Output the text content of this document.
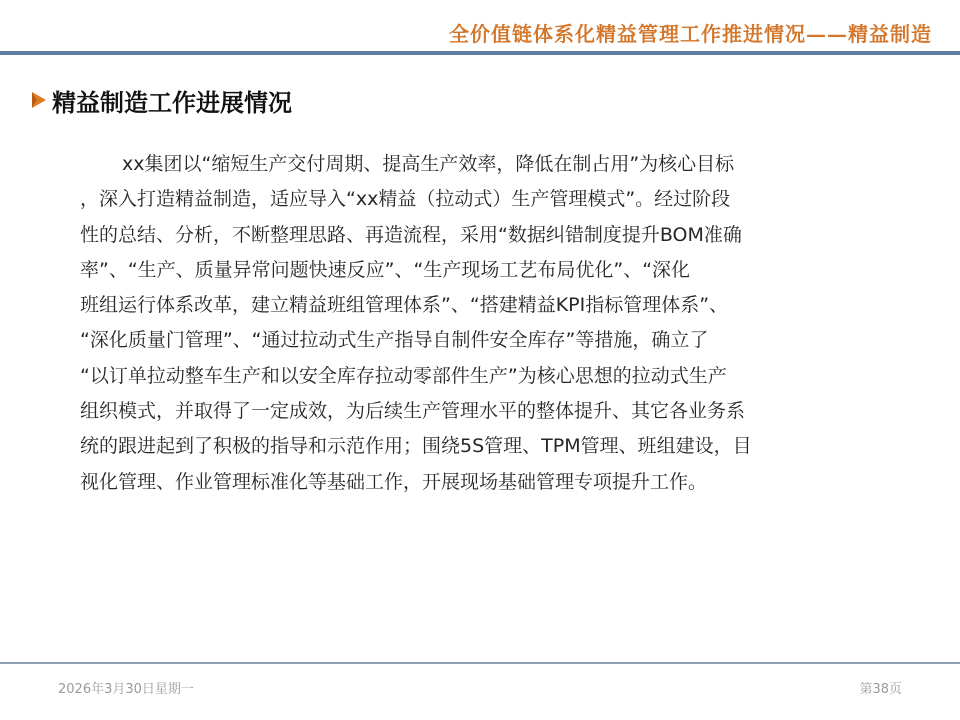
全价值链体系化精益管理工作推进情况——精益制造
精益制造工作进展情况

xx集团以“缩短生产交付周期、提高生产效率，降低在制占用”为核心目标
，深入打造精益制造，适应导入“xx精益（拉动式）生产管理模式”。经过阶段
性的总结、分析，不断整理思路、再造流程，采用“数据纠错制度提升BOM准确
率”、“生产、质量异常问题快速反应”、“生产现场工艺布局优化”、“深化
班组运行体系改革，建立精益班组管理体系”、“搭建精益KPI指标管理体系”、
“深化质量门管理”、“通过拉动式生产指导自制件安全库存”等措施，确立了
“以订单拉动整车生产和以安全库存拉动零部件生产”为核心思想的拉动式生产
组织模式，并取得了一定成效，为后续生产管理水平的整体提升、其它各业务系
统的跟进起到了积极的指导和示范作用；围绕5S管理、TPM管理、班组建设，目
视化管理、作业管理标准化等基础工作，开展现场基础管理专项提升工作。

2026年3月30日星期一	第38页
